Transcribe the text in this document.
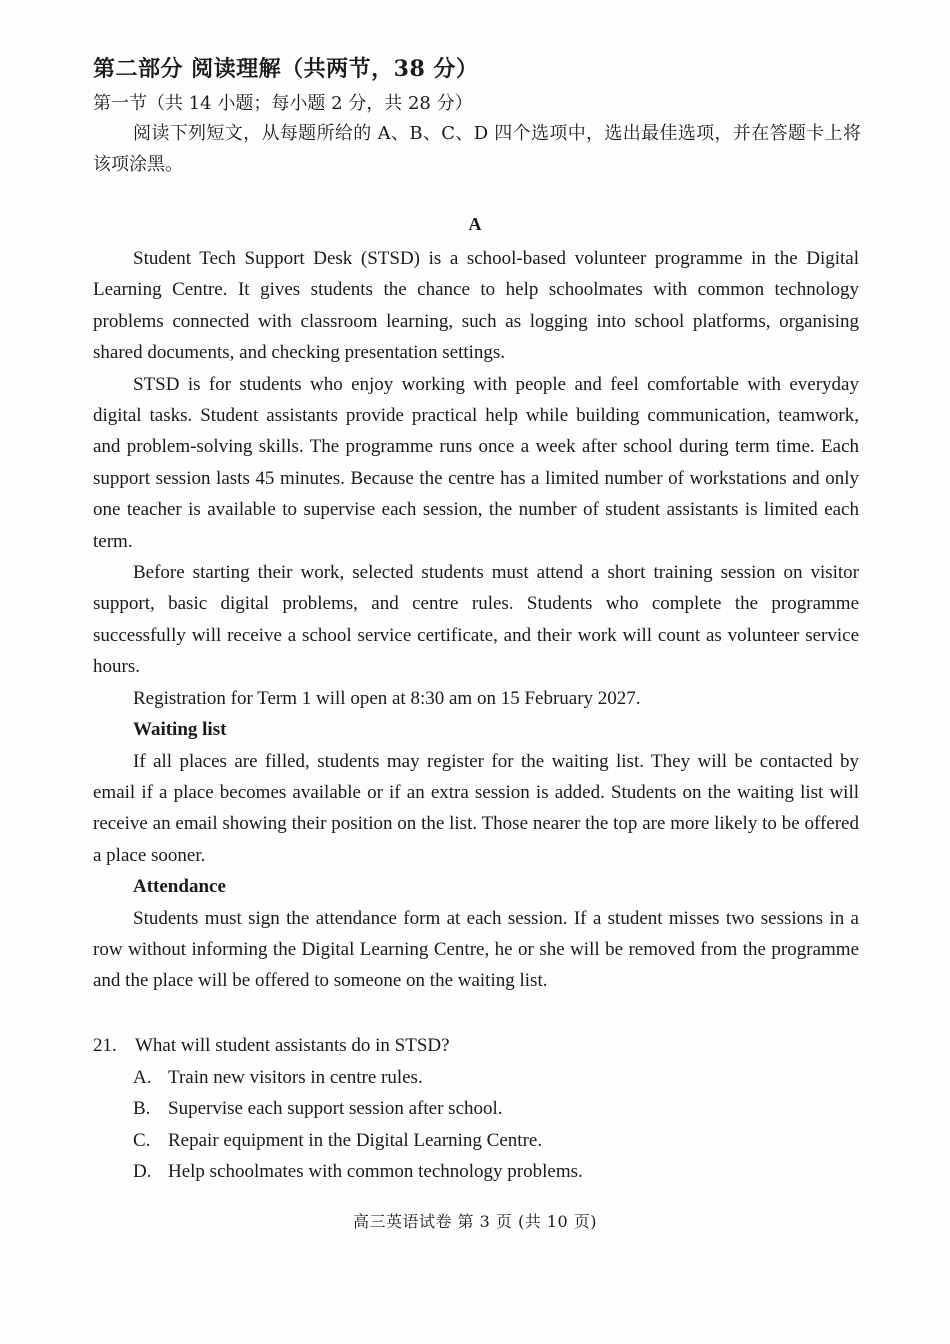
第二部分 阅读理解（共两节，38 分）
第一节（共 14 小题；每小题 2 分，共 28 分）
阅读下列短文，从每题所给的 A、B、C、D 四个选项中，选出最佳选项，并在答题卡上将该项涂黑。
A

Student Tech Support Desk (STSD) is a school-based volunteer programme in the Digital Learning Centre. It gives students the chance to help schoolmates with common technology problems connected with classroom learning, such as logging into school platforms, organising shared documents, and checking presentation settings.

STSD is for students who enjoy working with people and feel comfortable with everyday digital tasks. Student assistants provide practical help while building communication, teamwork, and problem-solving skills. The programme runs once a week after school during term time. Each support session lasts 45 minutes. Because the centre has a limited number of workstations and only one teacher is available to supervise each session, the number of student assistants is limited each term.

Before starting their work, selected students must attend a short training session on visitor support, basic digital problems, and centre rules. Students who complete the programme successfully will receive a school service certificate, and their work will count as volunteer service hours.

Registration for Term 1 will open at 8:30 am on 15 February 2027.

Waiting list

If all places are filled, students may register for the waiting list. They will be contacted by email if a place becomes available or if an extra session is added. Students on the waiting list will receive an email showing their position on the list. Those nearer the top are more likely to be offered a place sooner.

Attendance

Students must sign the attendance form at each session. If a student misses two sessions in a row without informing the Digital Learning Centre, he or she will be removed from the programme and the place will be offered to someone on the waiting list.

21. What will student assistants do in STSD?

A. Train new visitors in centre rules.

B. Supervise each support session after school.

C. Repair equipment in the Digital Learning Centre.

D. Help schoolmates with common technology problems.

高三英语试卷 第 3 页 (共 10 页)
